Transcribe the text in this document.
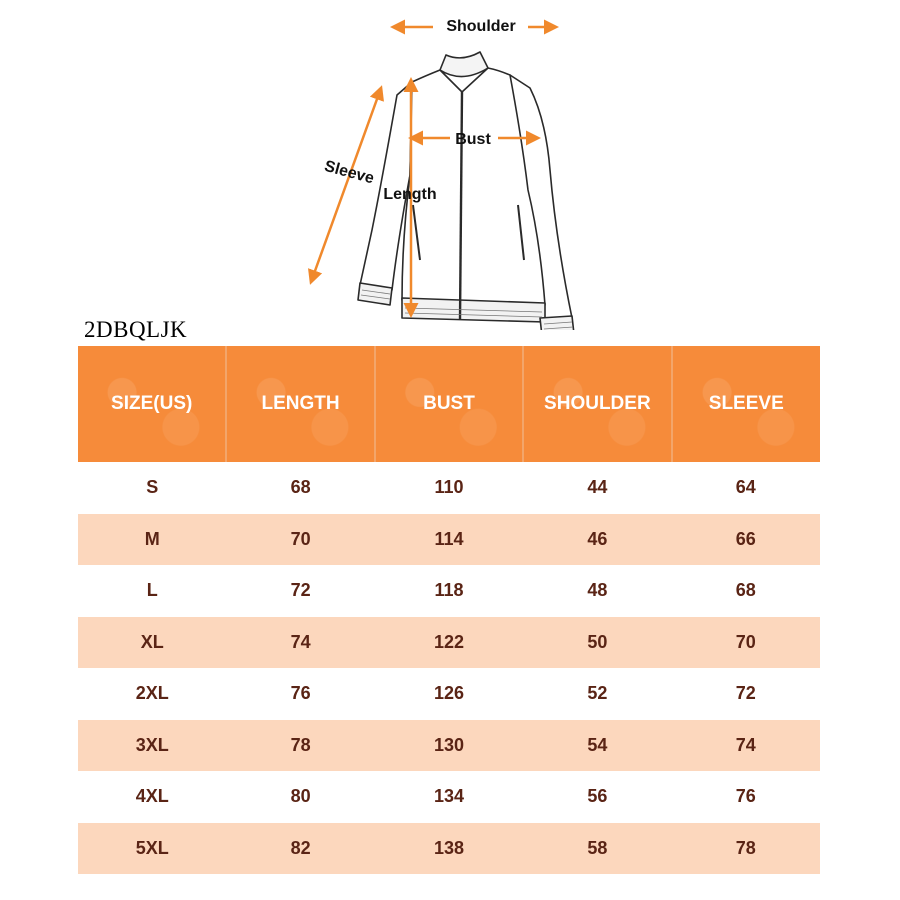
Shoulder
Bust
Sleeve
Length
2DBQLJK
SIZE(US)	LENGTH	BUST	SHOULDER	SLEEVE
S	68	110	44	64
M	70	114	46	66
L	72	118	48	68
XL	74	122	50	70
2XL	76	126	52	72
3XL	78	130	54	74
4XL	80	134	56	76
5XL	82	138	58	78
